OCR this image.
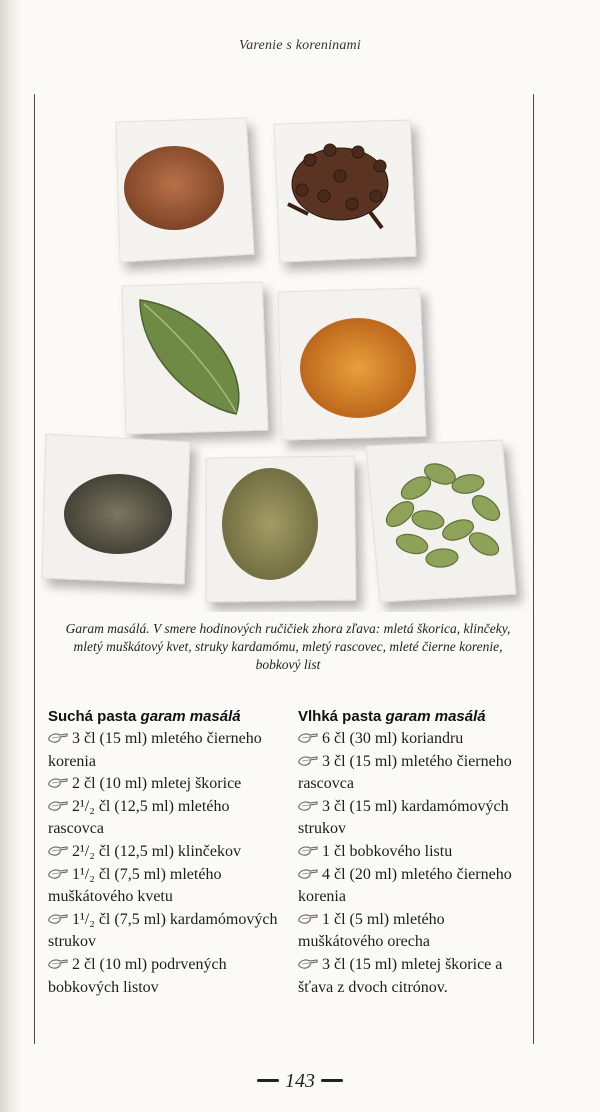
Varenie s koreninami
Garam masálá. V smere hodinových ručičiek zhora zľava: mletá škorica, klinčeky, mletý muškátový kvet, struky kardamómu, mletý rascovec, mleté čierne korenie, bobkový list
Suchá pasta garam masálá
3 čl (15 ml) mletého čierneho korenia
2 čl (10 ml) mletej škorice
2¹/₂ čl (12,5 ml) mletého rascovca
2¹/₂ čl (12,5 ml) klinčekov
1¹/₂ čl (7,5 ml) mletého muškátového kvetu
1¹/₂ čl (7,5 ml) kardamómových strukov
2 čl (10 ml) podrvených bobkových listov
Vlhká pasta garam masálá
6 čl (30 ml) koriandru
3 čl (15 ml) mletého čierneho rascovca
3 čl (15 ml) kardamómových strukov
1 čl bobkového listu
4 čl (20 ml) mletého čierneho korenia
1 čl (5 ml) mletého muškátového orecha
3 čl (15 ml) mletej škorice a šťava z dvoch citrónov.
143
